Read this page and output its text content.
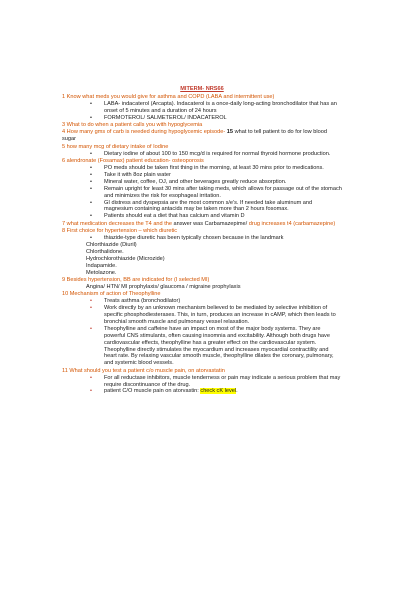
MITERM- NRS66
1 Know what meds you would give for asthma and COPD (LABA and intermittent use)
• LABA- indacaterol (Arcapta). Indacaterol is a once-daily long-acting bronchodilator that has an onset of 5 minutes and a duration of 24 hours
• FORMOTEROL/ SALMETEROL/ INDACATEROL
3 What to do when a patient calls you with hypoglycemia
4 How many gms of carb is needed during hypoglycemic episode- 15 what to tell patient to do for low blood sugar
5 how many mcg of dietary intake of Iodine
• Dietary iodine of about 100 to 150 mcg/d is required for normal thyroid hormone production.
6 alendronate (Fosamax) patient education- osteoporosis
• PO meds should be taken first thing in the morning, at least 30 mins prior to medications.
• Take it with 8oz plain water
• Mineral water, coffee, OJ, and other beverages greatly reduce absorption.
• Remain upright for least 30 mins after taking meds, which allows for passage out of the stomach and minimizes the risk for esophageal irritation.
• GI distress and dyspepsia are the most common s/e's. If needed take aluminum and magnesium containing antacids may be taken more than 2 hours fosomax.
• Patients should eat a diet that has calcium and vitamin D
7 what medication decreases the T4 and the answer was Carbamazepime/ drug increases t4 (carbamazepine)
8 First choice for hypertension – which diuretic
• thiazide-type diuretic has been typically chosen because in the landmark
Chlorthiazide (Diuril)
Chlorthalidone.
Hydrochlorothiazide (Microzide)
Indapamide.
Metolazone.
9 Besides hypertension, BB are indicated for (I selected MI)
Angina/ HTN/ MI prophylaxis/ glaucoma / migraine prophylaxis
10 Mechanism of action of Theophylline
• Treats asthma (bronchodilator)
• Work directly by an unknown mechanism believed to be mediated by selective inhibition of specific phosphodiesterases. This, in turn, produces an increase in cAMP, which then leads to bronchial smooth muscle and pulmonary vessel relaxation.
• Theophylline and caffeine have an impact on most of the major body systems. They are powerful CNS stimulants, often causing insomnia and excitability. Although both drugs have cardiovascular effects, theophylline has a greater effect on the cardiovascular system. Theophylline directly stimulates the myocardium and increases myocardial contractility and heart rate. By relaxing vascular smooth muscle, theophylline dilates the coronary, pulmonary, and systemic blood vessels.
11 What should you test a patient c/o muscle pain, on atorvastatin
• For all reductase inhibitors, muscle tenderness or pain may indicate a serious problem that may require discontinuance of the drug.
• patient C/O muscle pain on atorvastin: check cK level.
